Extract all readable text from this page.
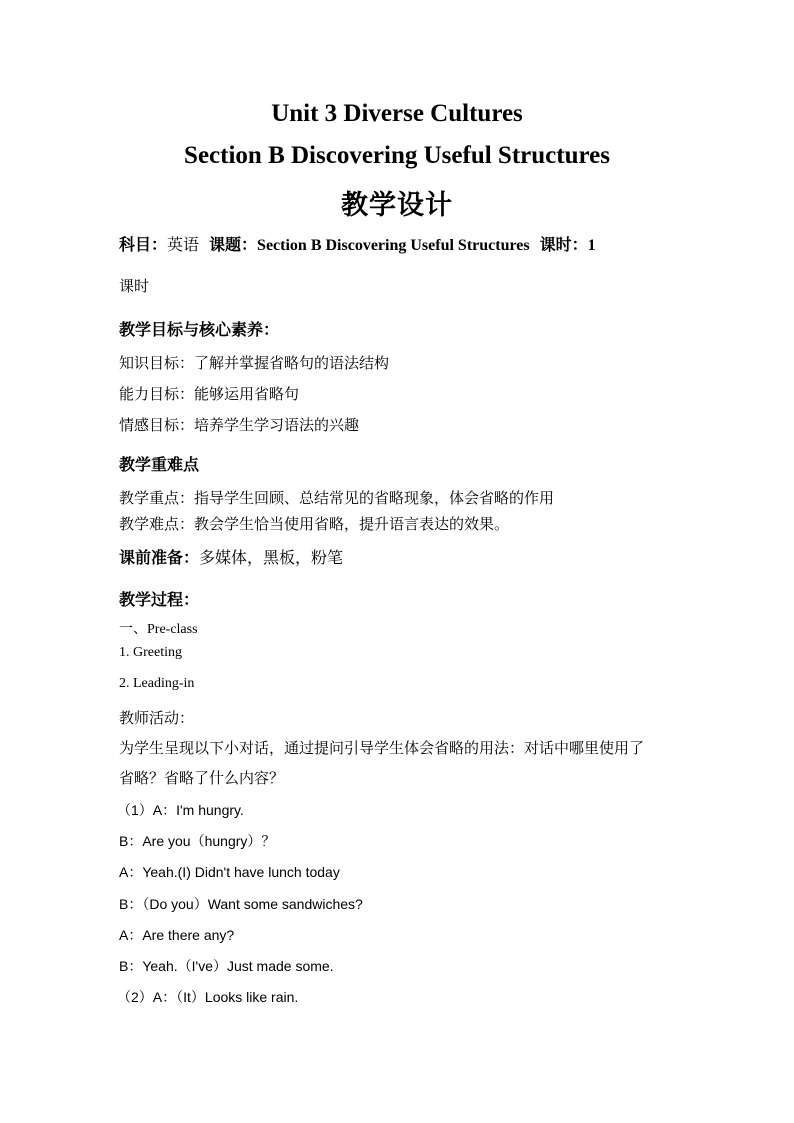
Unit 3 Diverse Cultures
Section B Discovering Useful Structures
教学设计
科目：英语 课题：Section B Discovering Useful Structures 课时：1
课时
教学目标与核心素养：
知识目标：了解并掌握省略句的语法结构
能力目标：能够运用省略句
情感目标：培养学生学习语法的兴趣
教学重难点
教学重点：指导学生回顾、总结常见的省略现象，体会省略的作用
教学难点：教会学生恰当使用省略，提升语言表达的效果。
课前准备：多媒体，黑板，粉笔
教学过程：
一、Pre-class
1. Greeting
2. Leading-in
教师活动：
为学生呈现以下小对话，通过提问引导学生体会省略的用法：对话中哪里使用了
省略？省略了什么内容？
（1）A：I'm hungry.
B：Are you（hungry）？
A：Yeah.(I) Didn't have lunch today
B：（Do you）Want some sandwiches?
A：Are there any?
B：Yeah.（I've）Just made some.
（2）A：（It）Looks like rain.
